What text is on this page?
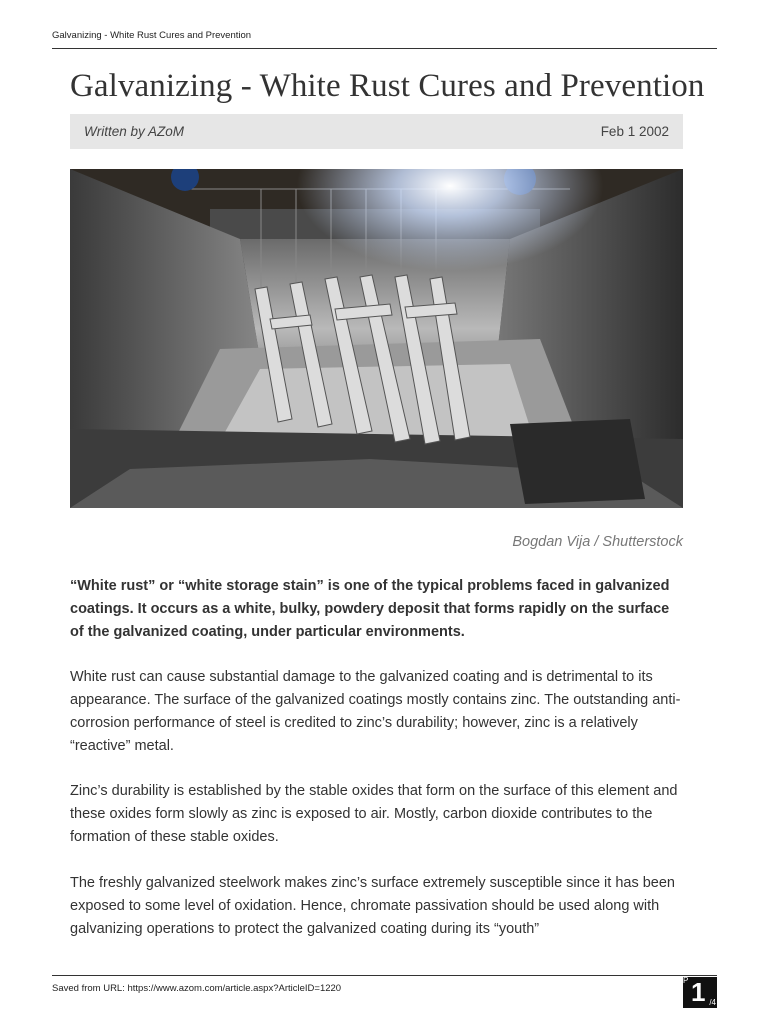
Galvanizing - White Rust Cures and Prevention
Galvanizing - White Rust Cures and Prevention
Written by AZoM	Feb 1 2002
Bogdan Vija / Shutterstock

“White rust” or “white storage stain” is one of the typical problems faced in galvanized coatings. It occurs as a white, bulky, powdery deposit that forms rapidly on the surface of the galvanized coating, under particular environments.

White rust can cause substantial damage to the galvanized coating and is detrimental to its appearance. The surface of the galvanized coatings mostly contains zinc. The outstanding anti-corrosion performance of steel is credited to zinc’s durability; however, zinc is a relatively “reactive” metal.

Zinc’s durability is established by the stable oxides that form on the surface of this element and these oxides form slowly as zinc is exposed to air. Mostly, carbon dioxide contributes to the formation of these stable oxides.

The freshly galvanized steelwork makes zinc’s surface extremely susceptible since it has been exposed to some level of oxidation. Hence, chromate passivation should be used along with galvanizing operations to protect the galvanized coating during its “youth”

Saved from URL: https://www.azom.com/article.aspx?ArticleID=1220
P 1 /4
